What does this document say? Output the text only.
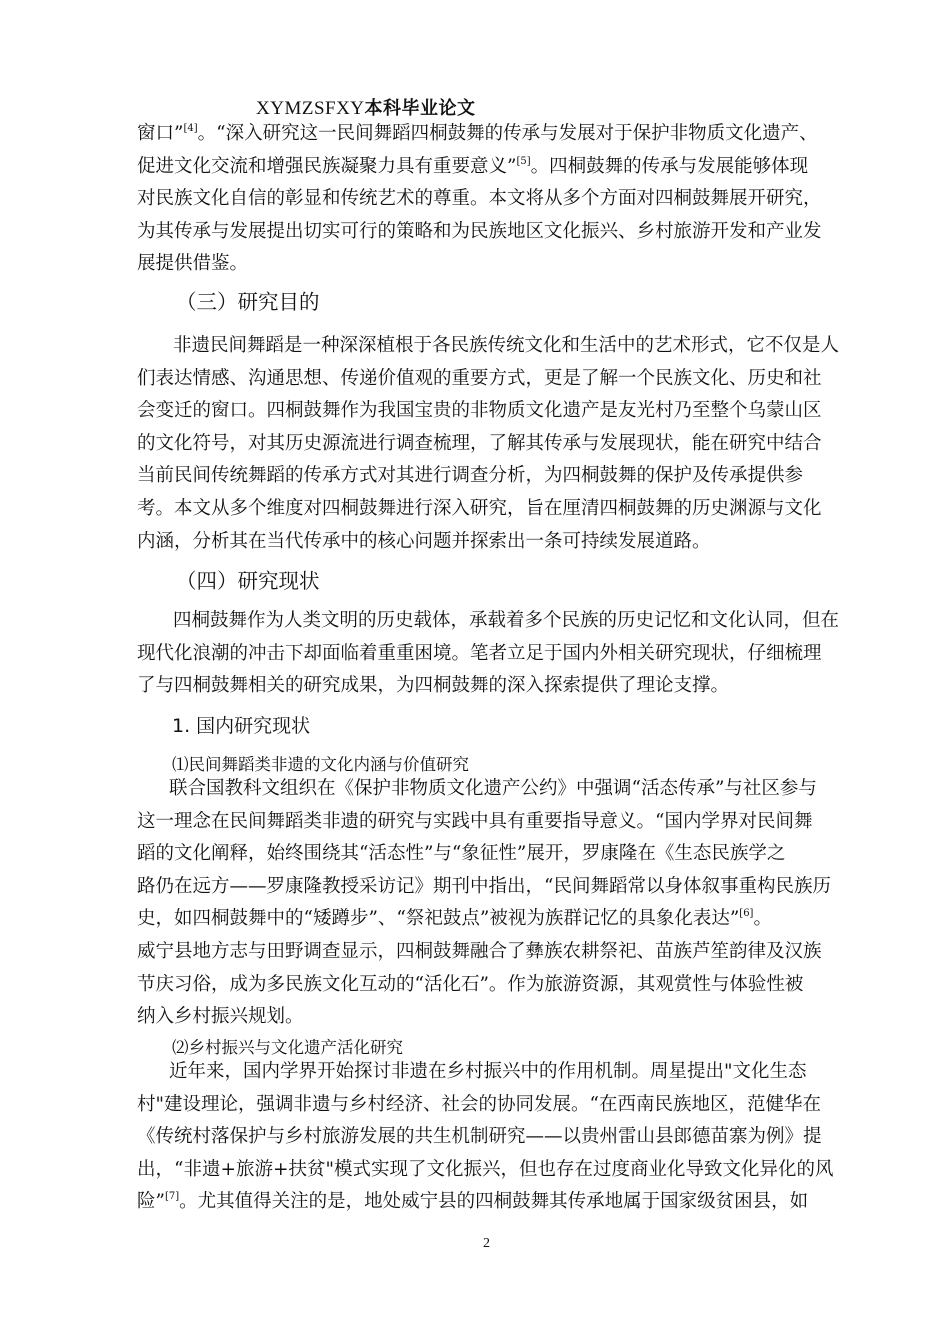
XYMZSFXY本科毕业论文
窗口”[4]。“深入研究这一民间舞蹈四桐鼓舞的传承与发展对于保护非物质文化遗产、
促进文化交流和增强民族凝聚力具有重要意义”[5]。四桐鼓舞的传承与发展能够体现
对民族文化自信的彰显和传统艺术的尊重。本文将从多个方面对四桐鼓舞展开研究，
为其传承与发展提出切实可行的策略和为民族地区文化振兴、乡村旅游开发和产业发
展提供借鉴。
（三）研究目的
非遗民间舞蹈是一种深深植根于各民族传统文化和生活中的艺术形式，它不仅是人
们表达情感、沟通思想、传递价值观的重要方式，更是了解一个民族文化、历史和社
会变迁的窗口。四桐鼓舞作为我国宝贵的非物质文化遗产是友光村乃至整个乌蒙山区
的文化符号，对其历史源流进行调查梳理，了解其传承与发展现状，能在研究中结合
当前民间传统舞蹈的传承方式对其进行调查分析，为四桐鼓舞的保护及传承提供参
考。本文从多个维度对四桐鼓舞进行深入研究，旨在厘清四桐鼓舞的历史渊源与文化
内涵，分析其在当代传承中的核心问题并探索出一条可持续发展道路。
（四）研究现状
四桐鼓舞作为人类文明的历史载体，承载着多个民族的历史记忆和文化认同，但在
现代化浪潮的冲击下却面临着重重困境。笔者立足于国内外相关研究现状，仔细梳理
了与四桐鼓舞相关的研究成果，为四桐鼓舞的深入探索提供了理论支撑。
1. 国内研究现状
⑴民间舞蹈类非遗的文化内涵与价值研究
联合国教科文组织在《保护非物质文化遗产公约》中强调“活态传承”与社区参与
这一理念在民间舞蹈类非遗的研究与实践中具有重要指导意义。“国内学界对民间舞
蹈的文化阐释，始终围绕其“活态性”与“象征性”展开，罗康隆在《生态民族学之
路仍在远方——罗康隆教授采访记》期刊中指出，“民间舞蹈常以身体叙事重构民族历
史，如四桐鼓舞中的“矮蹲步”、“祭祀鼓点”被视为族群记忆的具象化表达”[6]。
威宁县地方志与田野调查显示，四桐鼓舞融合了彝族农耕祭祀、苗族芦笙韵律及汉族
节庆习俗，成为多民族文化互动的“活化石”。作为旅游资源，其观赏性与体验性被
纳入乡村振兴规划。
⑵乡村振兴与文化遗产活化研究
近年来，国内学界开始探讨非遗在乡村振兴中的作用机制。周星提出"文化生态
村"建设理论，强调非遗与乡村经济、社会的协同发展。“在西南民族地区，范健华在
《传统村落保护与乡村旅游发展的共生机制研究——以贵州雷山县郎德苗寨为例》提
出，“非遗+旅游+扶贫"模式实现了文化振兴，但也存在过度商业化导致文化异化的风
险”[7]。尤其值得关注的是，地处威宁县的四桐鼓舞其传承地属于国家级贫困县，如
2
